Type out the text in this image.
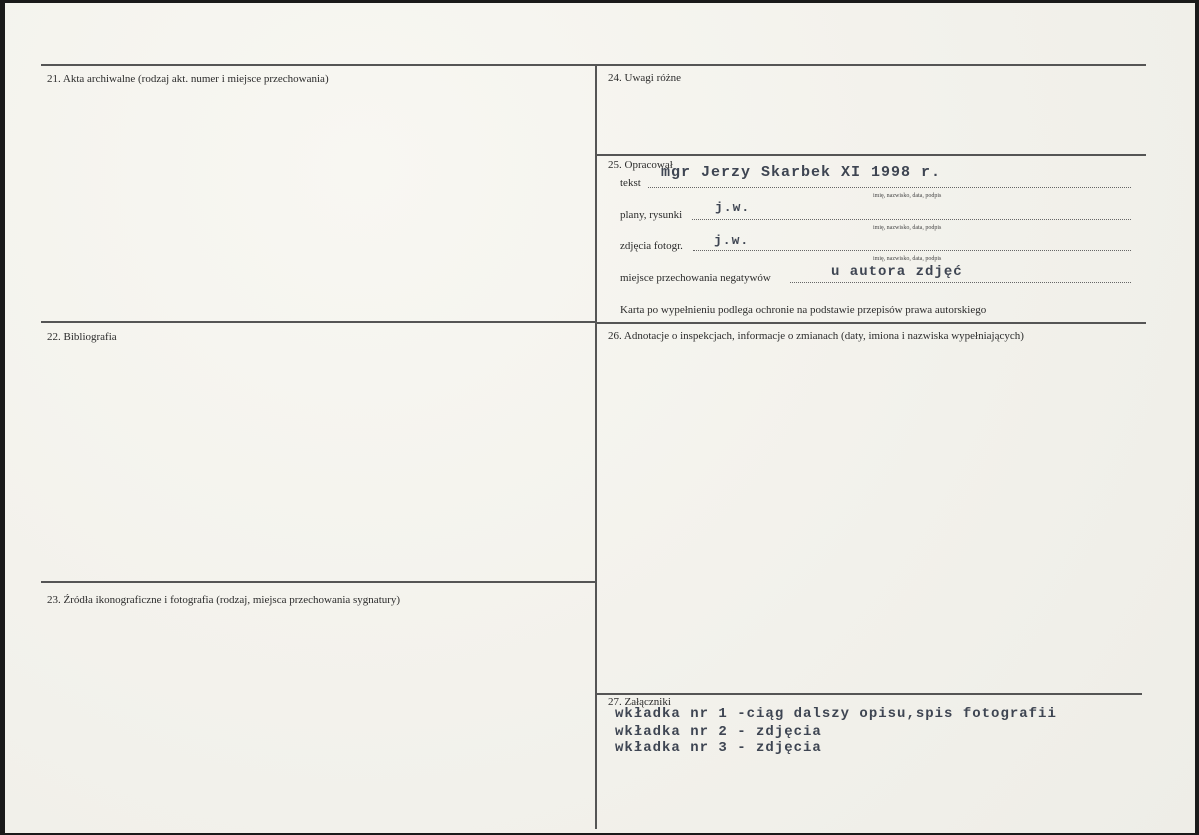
21. Akta archiwalne (rodzaj akt. numer i miejsce przechowania)	24. Uwagi różne
25. Opracował
22. Bibliografia	26. Adnotacje o inspekcjach, informacje o zmianach (daty, imiona i nazwiska wypełniających)
23. Źródła ikonograficzne i fotografia (rodzaj, miejsca przechowania sygnatury)
27. Załączniki
tekst
mgr Jerzy Skarbek XI 1998 r.
imię, nazwisko, data, podpis
plany, rysunki	j.w.
imię, nazwisko, data, podpis
zdjęcia fotogr. j.w.
imię, nazwisko, data, podpis
miejsce przechowania negatywów	u autora zdjęć
Karta po wypełnieniu podlega ochronie na podstawie przepisów prawa autorskiego
wkładka nr 1 -ciąg dalszy opisu,spis fotografii
wkładka nr 2 - zdjęcia
wkładka nr 3 - zdjęcia
